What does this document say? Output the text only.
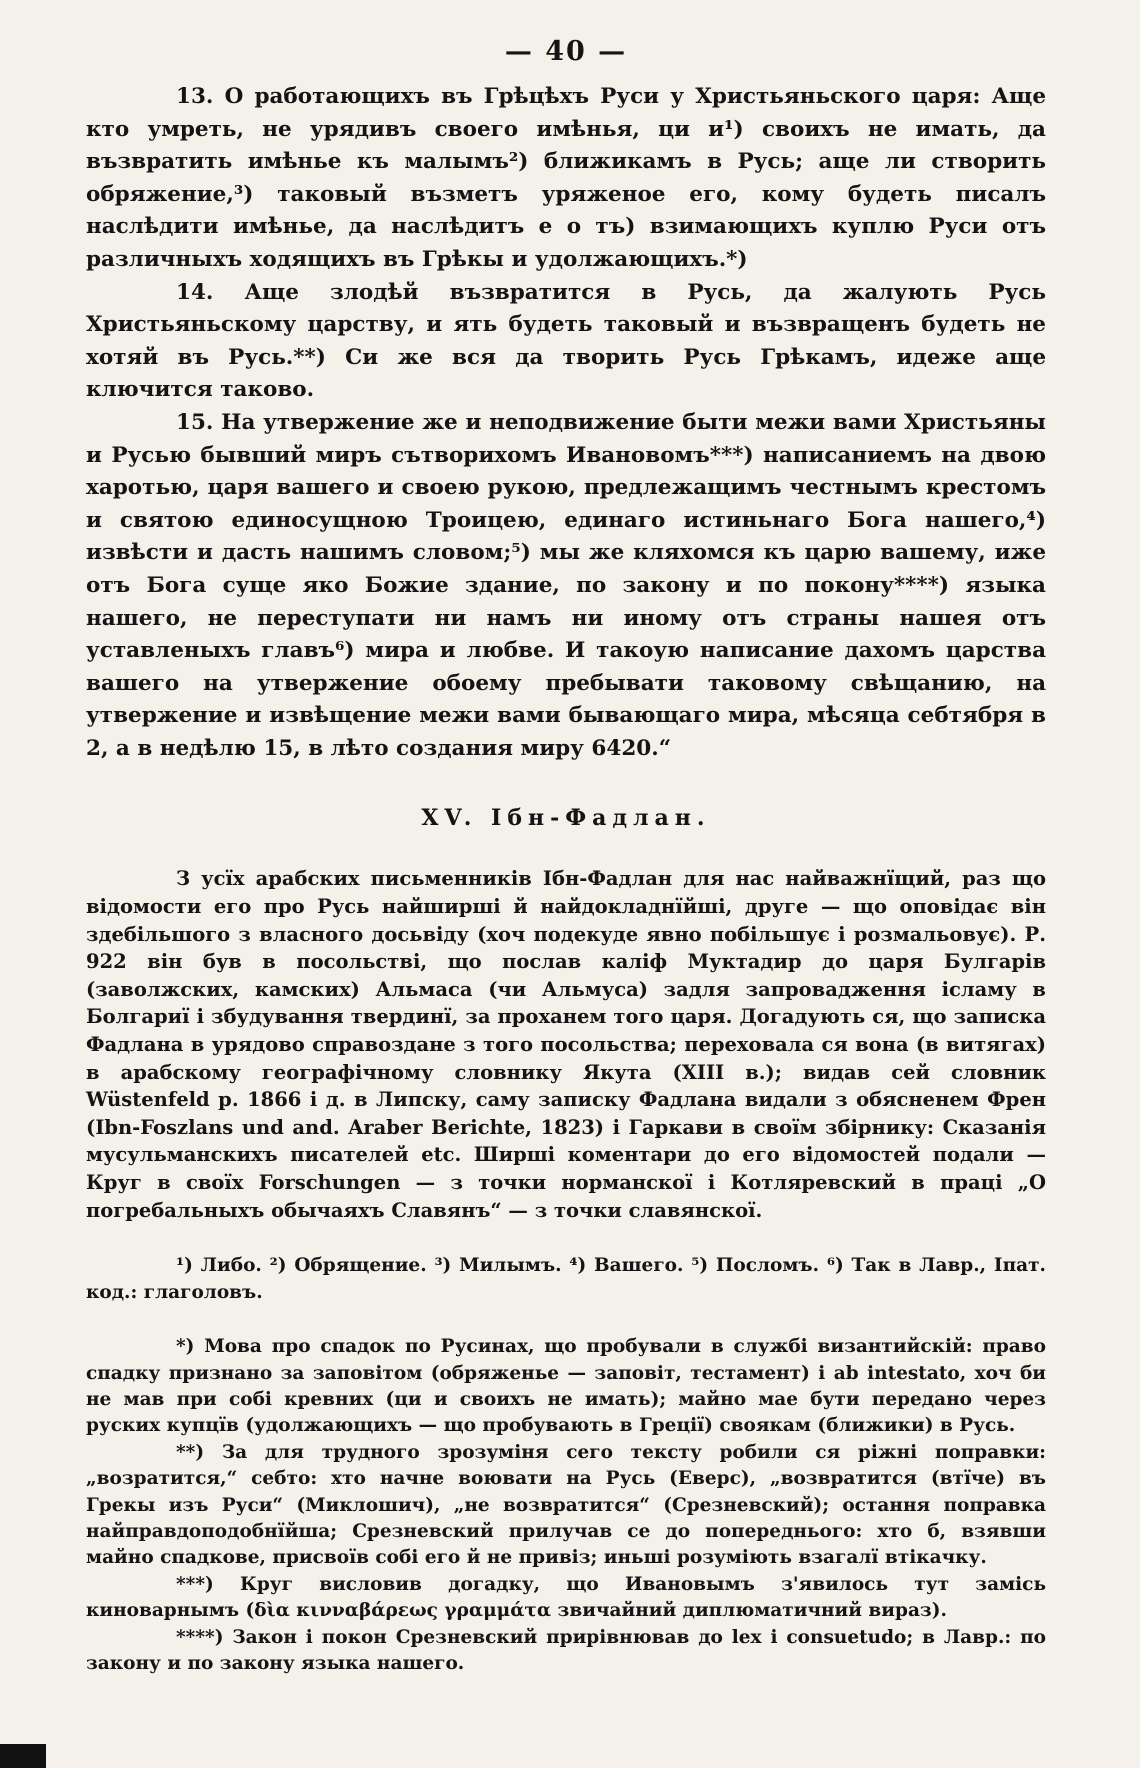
— 40 —

13. О работающихъ въ Грѣцѣхъ Руси у Христьяньского царя: Аще кто умреть, не урядивъ своего имѣнья, ци и¹) своихъ не имать, да възвратить имѣнье къ малымъ²) ближикамъ в Русь; аще ли створить обряжение,³) таковый възметъ уряженое его, кому будеть писалъ наслѣдити имѣнье, да наслѣдитъ е о тъ) взимающихъ куплю Руси отъ различныхъ ходящихъ въ Грѣкы и удолжающихъ.*)

14. Аще злодѣй възвратится в Русь, да жалують Русь Христьяньскому царству, и ять будеть таковый и възвращенъ будеть не хотяй въ Русь.**) Си же вся да творить Русь Грѣкамъ, идеже аще ключится таково.

15. На утвержение же и неподвижение быти межи вами Христьяны и Русью бывший миръ сътворихомъ Ивановомъ***) написаниемъ на двою харотью, царя вашего и своею рукою, предлежащимъ честнымъ крестомъ и святою единосущною Троицею, единаго истиньнаго Бога нашего,⁴) извѣсти и дасть нашимъ словом;⁵) мы же кляхомся къ царю вашему, иже отъ Бога суще яко Божие здание, по закону и по покону****) языка нашего, не переступати ни намъ ни иному отъ страны нашея отъ уставленыхъ главъ⁶) мира и любве. И такоую написание дахомъ царства вашего на утвержение обоему пребывати таковому свѣщанию, на утвержение и извѣщение межи вами бывающаго мира, мѣсяца себтября в 2, а в недѣлю 15, в лѣто создания миру 6420.“

XV. Ібн-Фадлан.

З усїх арабских письменників Ібн-Фадлан для нас найважнїщий, раз що відомости его про Русь найширші й найдокладнїйші, друге — що оповідає він здебільшого з власного досьвіду (хоч подекуде явно побільшує і розмальовує). Р. 922 він був в посольстві, що послав каліф Муктадир до царя Булгарів (заволжских, камских) Альмаса (чи Альмуса) задля запровадження ісламу в Болгариї і збудування твердинї, за проханем того царя. Догадують ся, що записка Фадлана в урядово справоздане з того посольства; переховала ся вона (в витягах) в арабскому географічному словнику Якута (XIII в.); видав сей словник Wüstenfeld р. 1866 і д. в Липску, саму записку Фадлана видали з обясненем Френ (Ibn-Foszlans und and. Araber Berichte, 1823) і Гаркави в своїм збірнику: Сказанія мусульманскихъ писателей etc. Ширші коментари до его відомостей подали — Круг в своїх Forschungen — з точки норманскої і Котляревский в праці „О погребальныхъ обычаяхъ Славянъ“ — з точки славянскої.

¹) Либо. ²) Обрящение. ³) Милымъ. ⁴) Вашего. ⁵) Посломъ. ⁶) Так в Лавр., Іпат. код.: глаголовъ.

*) Мова про спадок по Русинах, що пробували в службі византийскій: право спадку признано за заповітом (обряженье — заповіт, тестамент) і ab intestato, хоч би не мав при собі кревних (ци и своихъ не имать); майно мае бути передано через руских купцїв (удолжающихъ — що пробувають в Греції) своякам (ближики) в Русь.

**) За для трудного зрозуміня сего тексту робили ся ріжні поправки: „возратится,“ себто: хто начне воювати на Русь (Еверс), „возвратится (втїче) въ Грекы изъ Руси“ (Миклошич), „не возвратится“ (Срезневский); остання поправка найправдоподобнїйша; Срезневский прилучав се до попереднього: хто б, взявши майно спадкове, присвоїв собі его й не привіз; иньші розуміють взагалї втікачку.

***) Круг висловив догадку, що Ивановымъ з'явилось тут замісь киноварнымъ (δὶα κινναβάρεως γραμμάτα звичайний диплюматичний вираз).

****) Закон і покон Срезневский прирівнював до lex і consuetudo; в Лавр.: по закону и по закону языка нашего.
